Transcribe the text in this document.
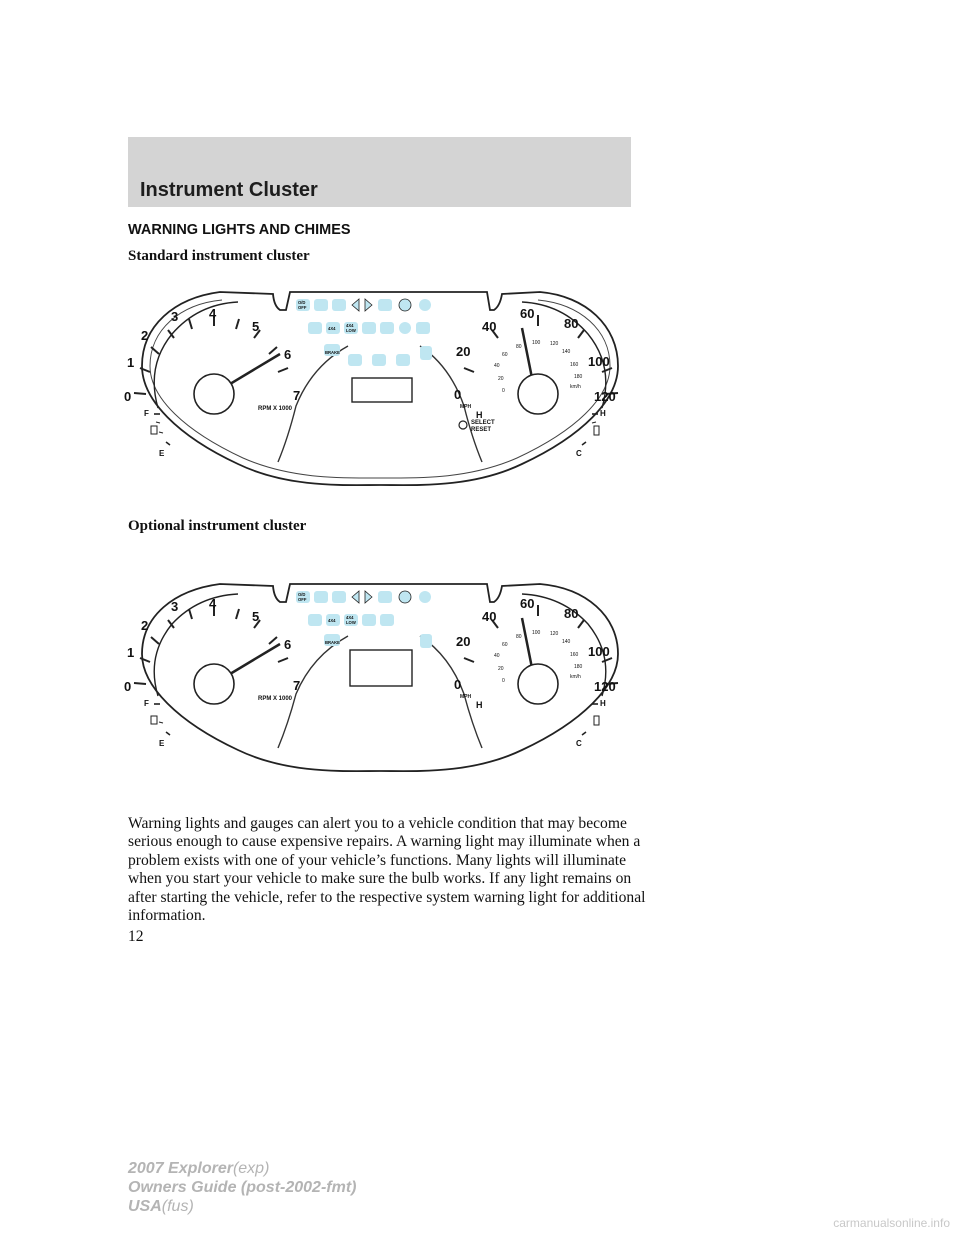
Instrument Cluster
WARNING LIGHTS AND CHIMES
Standard instrument cluster
0
1
2
3 4
5
6
7
RPM X 1000
F
E
0
20
40
60
80
100
120
0
20
40
60
80
100 120
140
160
180
km/h
MPH
H
SELECT
RESET
H
C
O/D
OFF
4X4
4X4
LOW
BRAKE
Optional instrument cluster
0
1
2
3 4
5
6
7
RPM X 1000
F
E
0
20
40
60
80
100
120
0
20
40
60
80
100 120
140
160
180
km/h
MPH
H	H
C
O/D
OFF
4X4
4X4
LOW
BRAKE

Warning lights and gauges can alert you to a vehicle condition that may become serious enough to cause expensive repairs. A warning light may illuminate when a problem exists with one of your vehicle’s functions. Many lights will illuminate when you start your vehicle to make sure the bulb works. If any light remains on after starting the vehicle, refer to the respective system warning light for additional information.

12

2007 Explorer(exp)
Owners Guide (post-2002-fmt)
USA(fus)
carmanualsonline.info
